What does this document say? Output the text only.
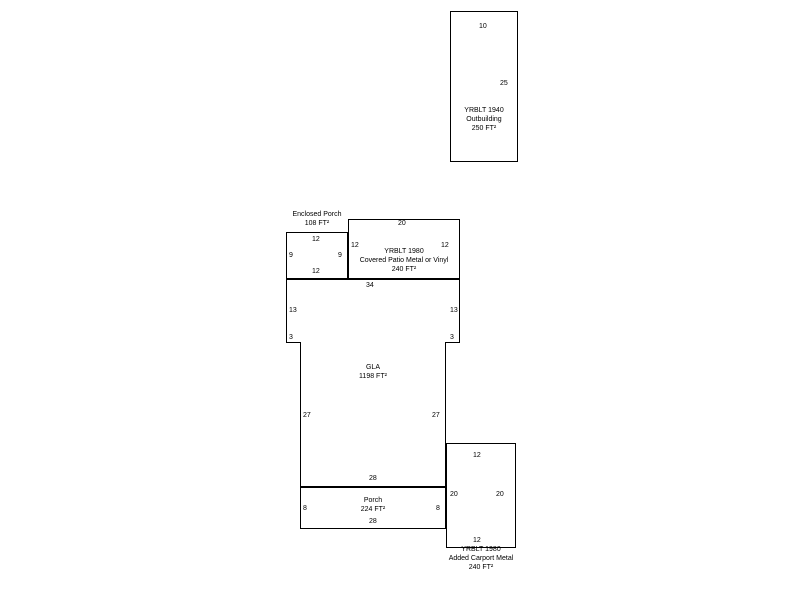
10
25
YRBLT 1940
Outbuilding
250 FT²
Enclosed Porch
108 FT²
12
9	9
12
20
12	12
YRBLT 1980
Covered Patio Metal or Vinyl
240 FT²
34
13	13
3	3
27	27
28
GLA
1198 FT²
8	8
28
Porch
224 FT²
12
20	20
12
YRBLT 1980
Added Carport Metal
240 FT²
